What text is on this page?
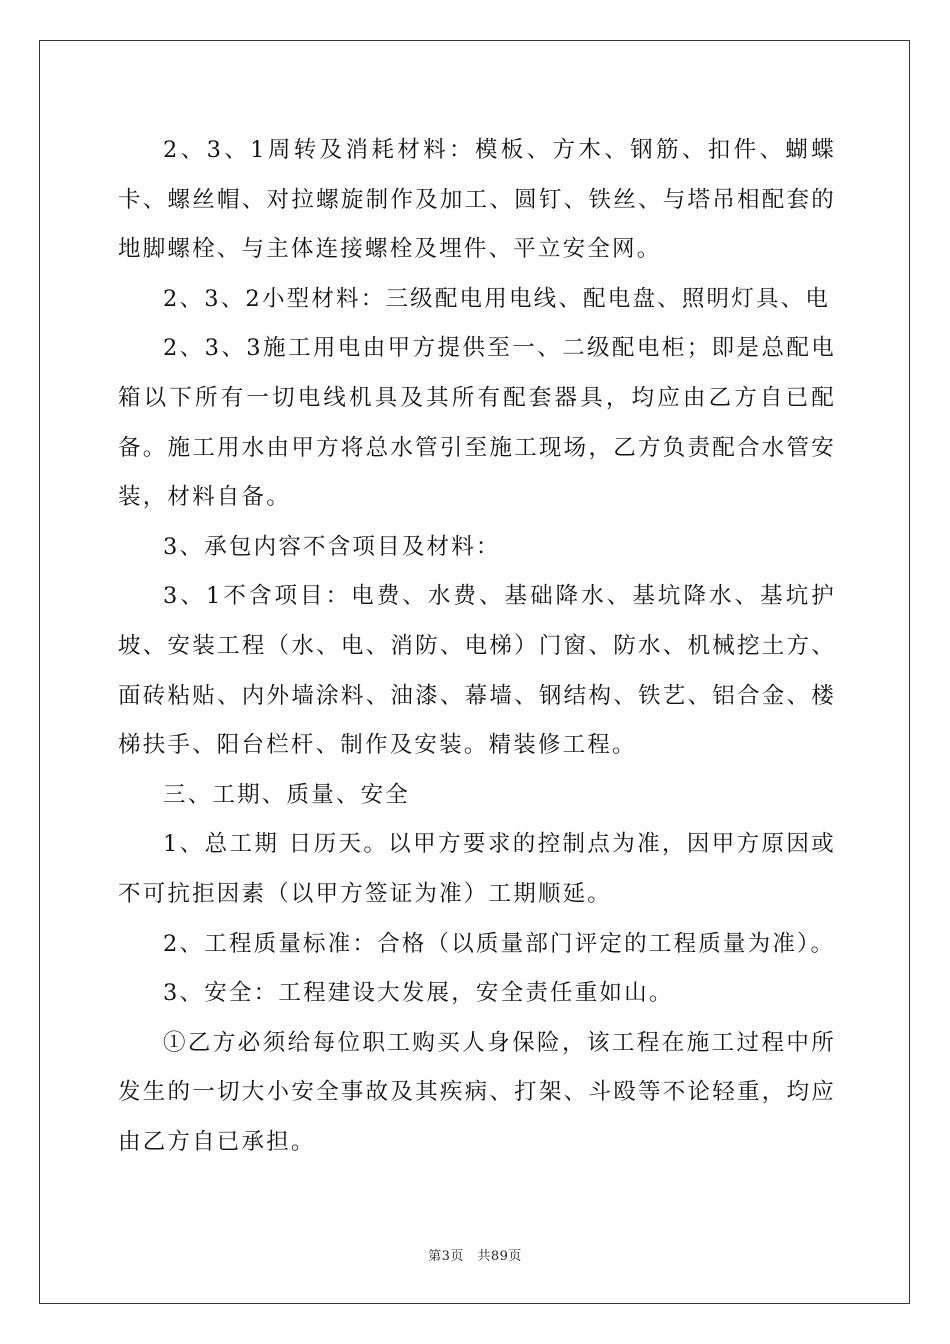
2、3、1周转及消耗材料：模板、方木、钢筋、扣件、蝴蝶卡、螺丝帽、对拉螺旋制作及加工、圆钉、铁丝、与塔吊相配套的地脚螺栓、与主体连接螺栓及埋件、平立安全网。

2、3、2小型材料：三级配电用电线、配电盘、照明灯具、电

2、3、3施工用电由甲方提供至一、二级配电柜；即是总配电箱以下所有一切电线机具及其所有配套器具，均应由乙方自已配备。施工用水由甲方将总水管引至施工现场，乙方负责配合水管安装，材料自备。

3、承包内容不含项目及材料：

3、1不含项目：电费、水费、基础降水、基坑降水、基坑护坡、安装工程（水、电、消防、电梯）门窗、防水、机械挖土方、面砖粘贴、内外墙涂料、油漆、幕墙、钢结构、铁艺、铝合金、楼梯扶手、阳台栏杆、制作及安装。精装修工程。

三、工期、质量、安全

1、总工期 日历天。以甲方要求的控制点为准，因甲方原因或不可抗拒因素（以甲方签证为准）工期顺延。

2、工程质量标准：合格（以质量部门评定的工程质量为准）。

3、安全：工程建设大发展，安全责任重如山。

①乙方必须给每位职工购买人身保险，该工程在施工过程中所发生的一切大小安全事故及其疾病、打架、斗殴等不论轻重，均应由乙方自已承担。

第3页　共89页
